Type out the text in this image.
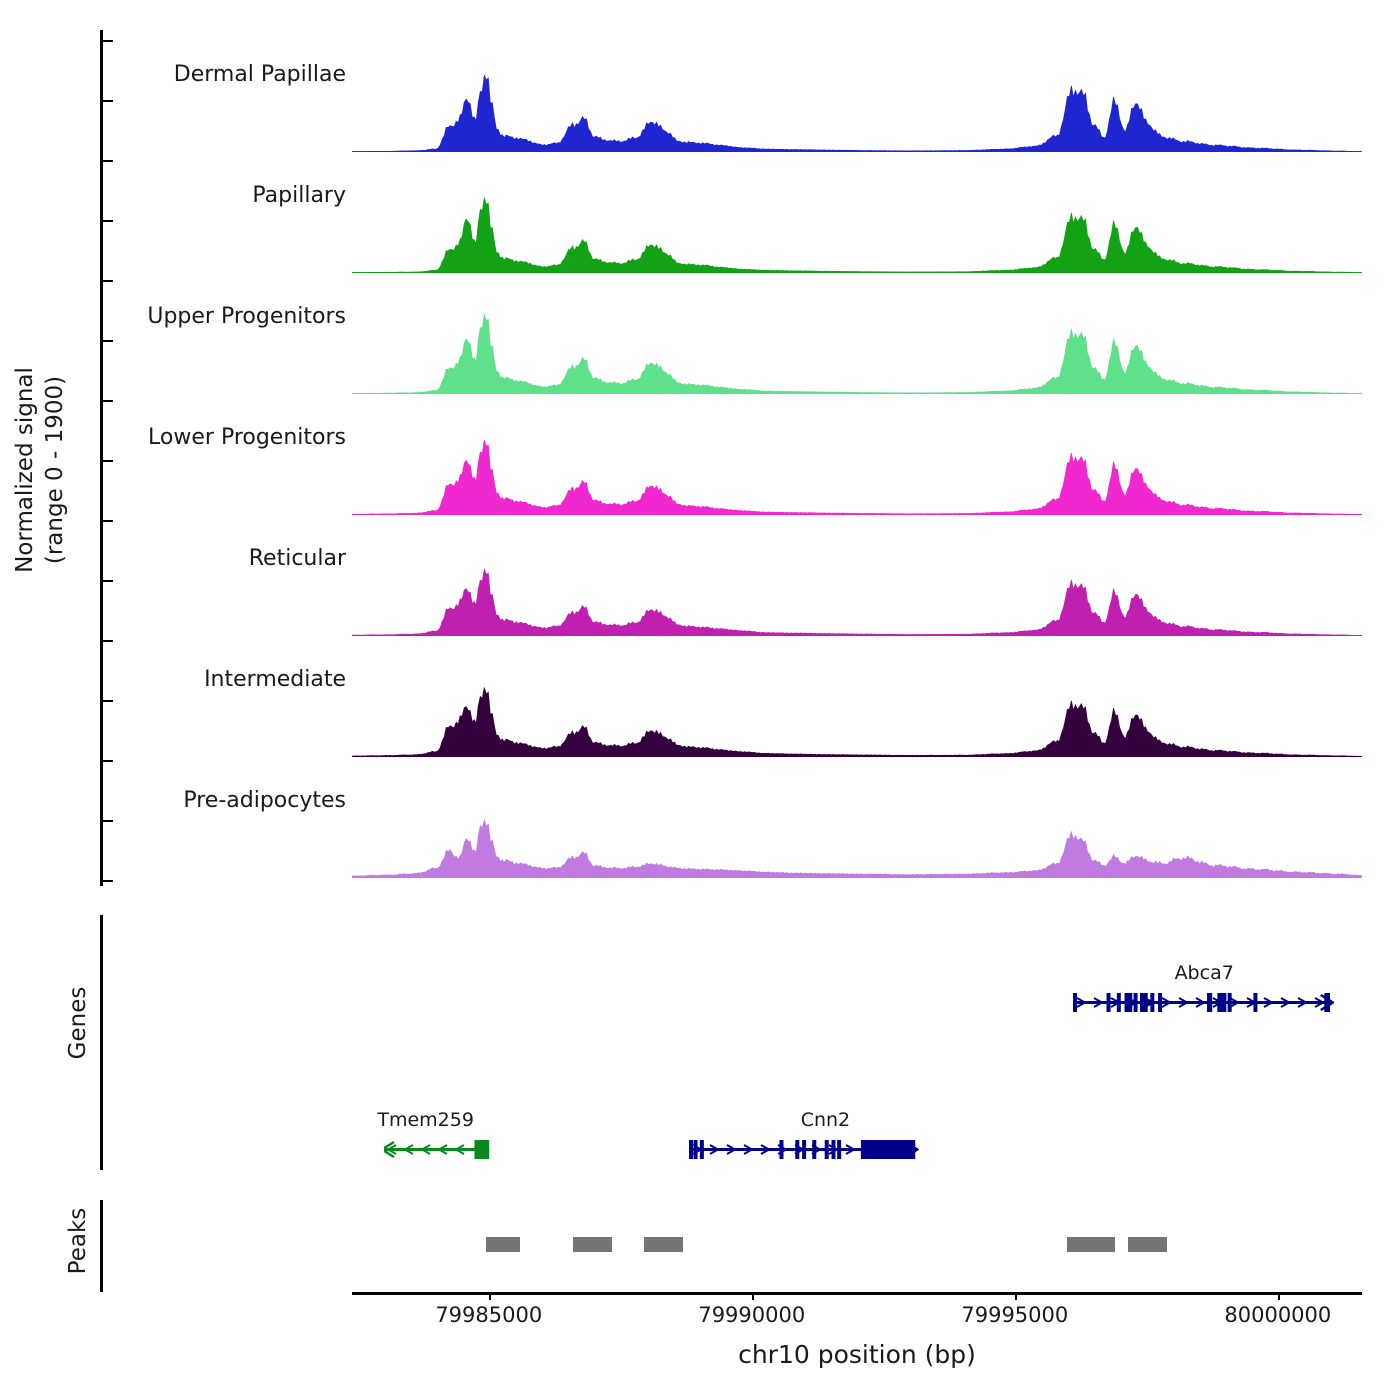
Normalized signal (range 0 - 1900)
Dermal Papillae
Papillary
Upper Progenitors
Lower Progenitors
Reticular
Intermediate
Pre-adipocytes
Genes
Abca7
Tmem259	Cnn2
Peaks
79985000	79990000	79995000	80000000
chr10 position (bp)
